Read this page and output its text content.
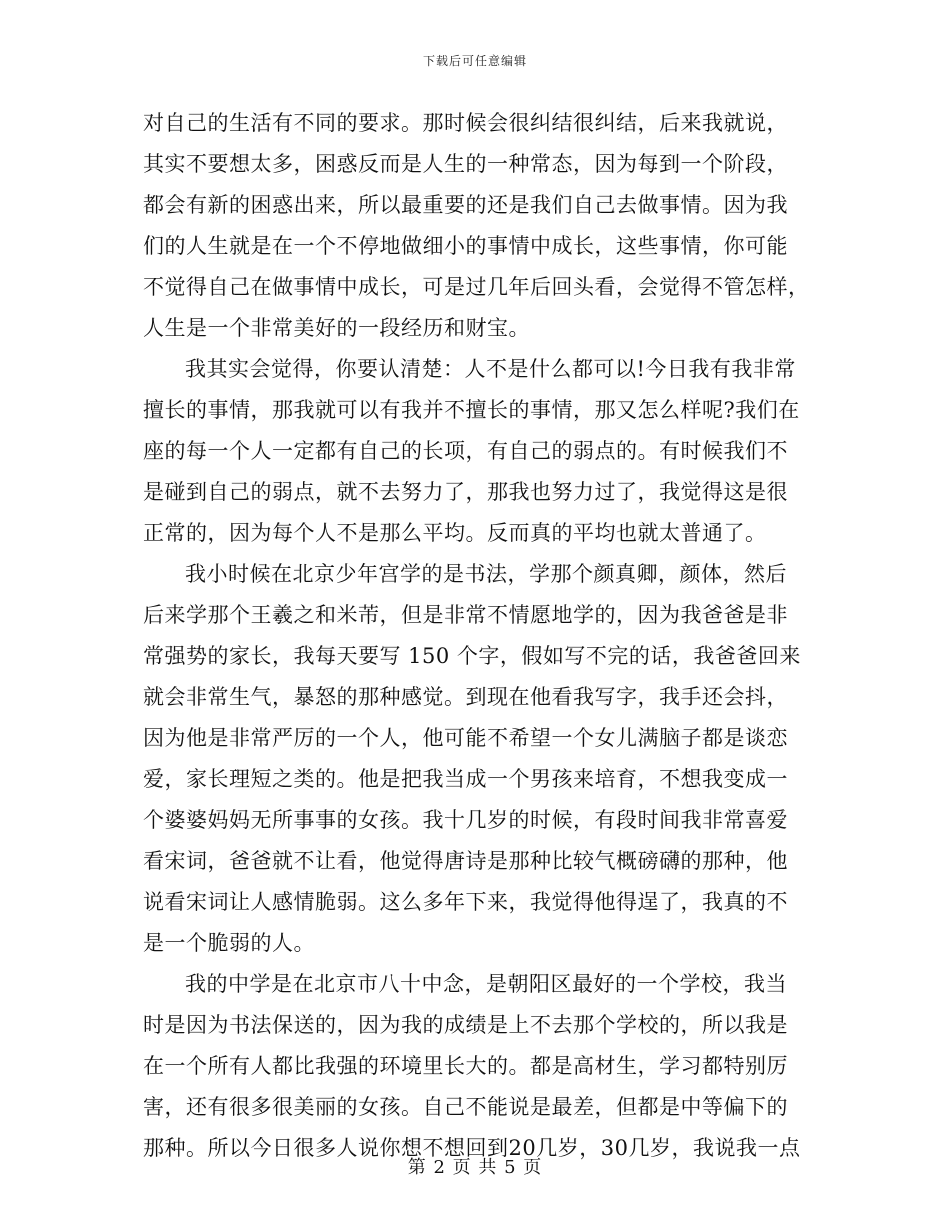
下载后可任意编辑
对自己的生活有不同的要求。那时候会很纠结很纠结，后来我就说，
其实不要想太多，困惑反而是人生的一种常态，因为每到一个阶段，
都会有新的困惑出来，所以最重要的还是我们自己去做事情。因为我
们的人生就是在一个不停地做细小的事情中成长，这些事情，你可能
不觉得自己在做事情中成长，可是过几年后回头看，会觉得不管怎样，
人生是一个非常美好的一段经历和财宝。
我其实会觉得，你要认清楚：人不是什么都可以!今日我有我非常
擅长的事情，那我就可以有我并不擅长的事情，那又怎么样呢?我们在
座的每一个人一定都有自己的长项，有自己的弱点的。有时候我们不
是碰到自己的弱点，就不去努力了，那我也努力过了，我觉得这是很
正常的，因为每个人不是那么平均。反而真的平均也就太普通了。
我小时候在北京少年宫学的是书法，学那个颜真卿，颜体，然后
后来学那个王羲之和米芾，但是非常不情愿地学的，因为我爸爸是非
常强势的家长，我每天要写 150 个字，假如写不完的话，我爸爸回来
就会非常生气，暴怒的那种感觉。到现在他看我写字，我手还会抖，
因为他是非常严厉的一个人，他可能不希望一个女儿满脑子都是谈恋
爱，家长理短之类的。他是把我当成一个男孩来培育，不想我变成一
个婆婆妈妈无所事事的女孩。我十几岁的时候，有段时间我非常喜爱
看宋词，爸爸就不让看，他觉得唐诗是那种比较气概磅礴的那种，他
说看宋词让人感情脆弱。这么多年下来，我觉得他得逞了，我真的不
是一个脆弱的人。
我的中学是在北京市八十中念，是朝阳区最好的一个学校，我当
时是因为书法保送的，因为我的成绩是上不去那个学校的，所以我是
在一个所有人都比我强的环境里长大的。都是高材生，学习都特别厉
害，还有很多很美丽的女孩。自己不能说是最差，但都是中等偏下的
那种。所以今日很多人说你想不想回到20几岁，30几岁，我说我一点
第 2 页 共 5 页
